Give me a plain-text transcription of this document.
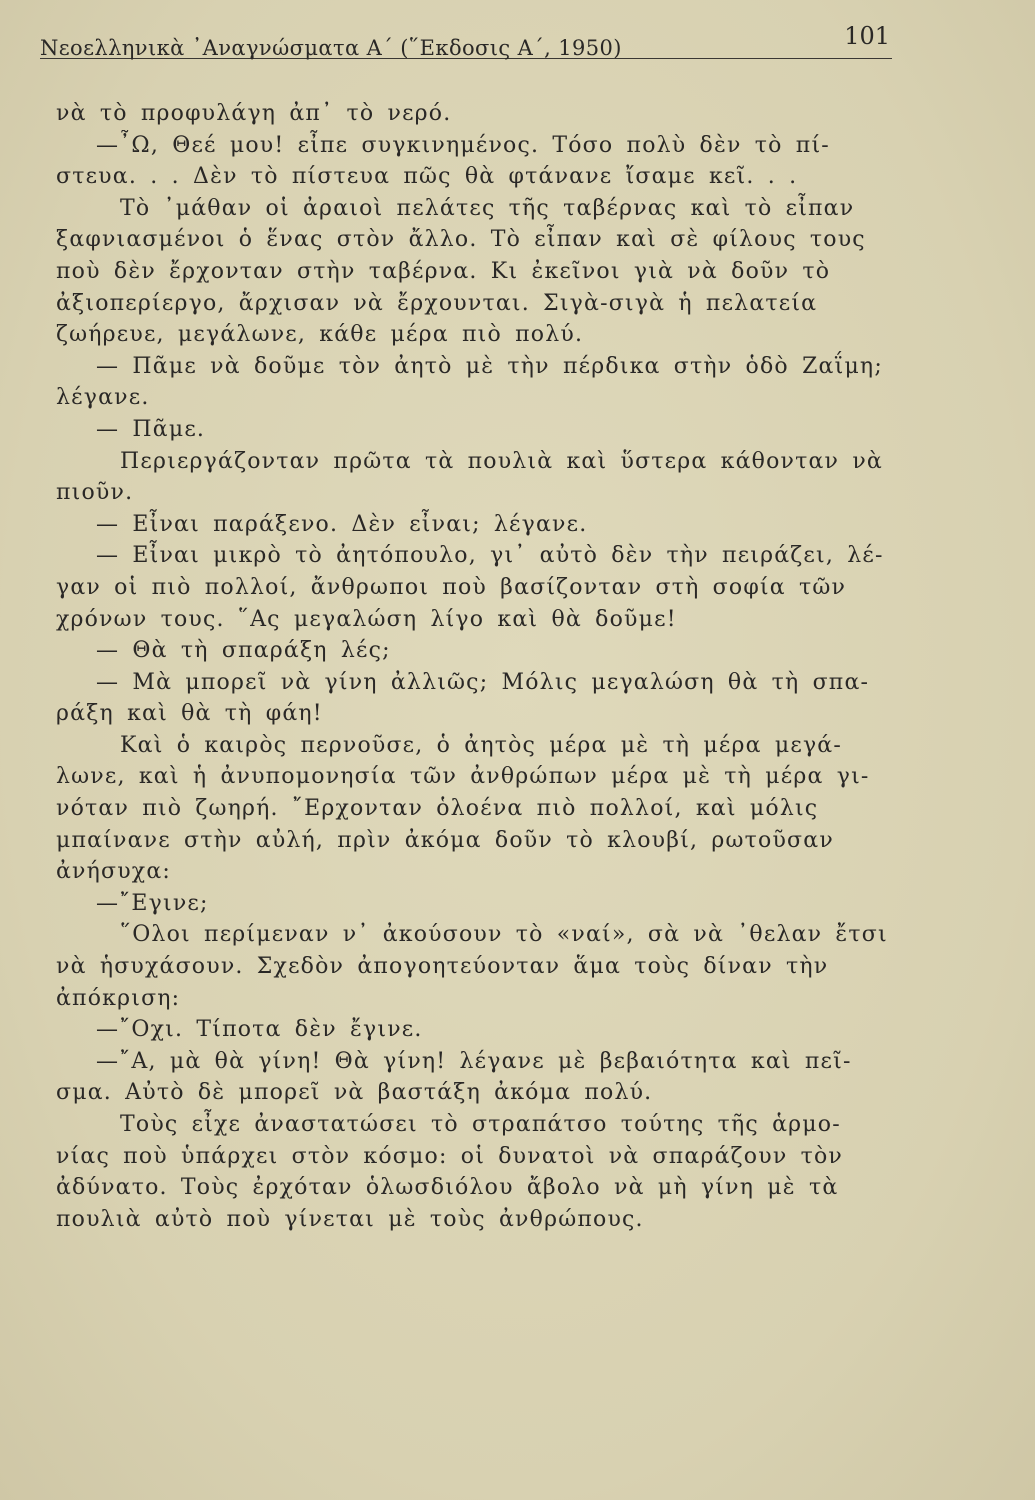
Νεοελληνικὰ ᾽Αναγνώσματα Α΄ (῞Εκδοσις Α΄, 1950)	101
νὰ τὸ προφυλάγη ἀπ᾽ τὸ νερό.
—῏Ω, Θεέ μου! εἶπε συγκινημένος. Τόσο πολὺ δὲν τὸ πί-
στευα. . . Δὲν τὸ πίστευα πῶς θὰ φτάνανε ἴσαμε κεῖ. . .
Τὸ ᾽μάθαν οἱ ἀραιοὶ πελάτες τῆς ταβέρνας καὶ τὸ εἶπαν
ξαφνιασμένοι ὁ ἕνας στὸν ἄλλο. Τὸ εἶπαν καὶ σὲ φίλους τους
ποὺ δὲν ἔρχονταν στὴν ταβέρνα. Κι ἐκεῖνοι γιὰ νὰ δοῦν τὸ
ἀξιοπερίεργο, ἄρχισαν νὰ ἔρχουνται. Σιγὰ-σιγὰ ἡ πελατεία
ζωήρευε, μεγάλωνε, κάθε μέρα πιὸ πολύ.
— Πᾶμε νὰ δοῦμε τὸν ἀητὸ μὲ τὴν πέρδικα στὴν ὁδὸ Ζαΐμη;
λέγανε.
— Πᾶμε.
Περιεργάζονταν πρῶτα τὰ πουλιὰ καὶ ὕστερα κάθονταν νὰ
πιοῦν.
— Εἶναι παράξενο. Δὲν εἶναι; λέγανε.
— Εἶναι μικρὸ τὸ ἀητόπουλο, γι᾽ αὐτὸ δὲν τὴν πειράζει, λέ-
γαν οἱ πιὸ πολλοί, ἄνθρωποι ποὺ βασίζονταν στὴ σοφία τῶν
χρόνων τους. ῞Ας μεγαλώση λίγο καὶ θὰ δοῦμε!
— Θὰ τὴ σπαράξη λές;
— Μὰ μπορεῖ νὰ γίνη ἀλλιῶς; Μόλις μεγαλώση θὰ τὴ σπα-
ράξη καὶ θὰ τὴ φάη!
Καὶ ὁ καιρὸς περνοῦσε, ὁ ἀητὸς μέρα μὲ τὴ μέρα μεγά-
λωνε, καὶ ἡ ἀνυπομονησία τῶν ἀνθρώπων μέρα μὲ τὴ μέρα γι-
νόταν πιὸ ζωηρή. ῎Ερχονταν ὁλοένα πιὸ πολλοί, καὶ μόλις
μπαίνανε στὴν αὐλή, πρὶν ἀκόμα δοῦν τὸ κλουβί, ρωτοῦσαν
ἀνήσυχα:
—῎Εγινε;
῞Ολοι περίμεναν ν᾽ ἀκούσουν τὸ «ναί», σὰ νὰ ᾽θελαν ἔτσι
νὰ ἡσυχάσουν. Σχεδὸν ἀπογοητεύονταν ἅμα τοὺς δίναν τὴν
ἀπόκριση:
—῎Οχι. Τίποτα δὲν ἔγινε.
—῎Α, μὰ θὰ γίνη! Θὰ γίνη! λέγανε μὲ βεβαιότητα καὶ πεῖ-
σμα. Αὐτὸ δὲ μπορεῖ νὰ βαστάξη ἀκόμα πολύ.
Τοὺς εἶχε ἀναστατώσει τὸ στραπάτσο τούτης τῆς ἁρμο-
νίας ποὺ ὑπάρχει στὸν κόσμο: οἱ δυνατοὶ νὰ σπαράζουν τὸν
ἀδύνατο. Τοὺς ἐρχόταν ὁλωσδιόλου ἄβολο νὰ μὴ γίνη μὲ τὰ
πουλιὰ αὐτὸ ποὺ γίνεται μὲ τοὺς ἀνθρώπους.
